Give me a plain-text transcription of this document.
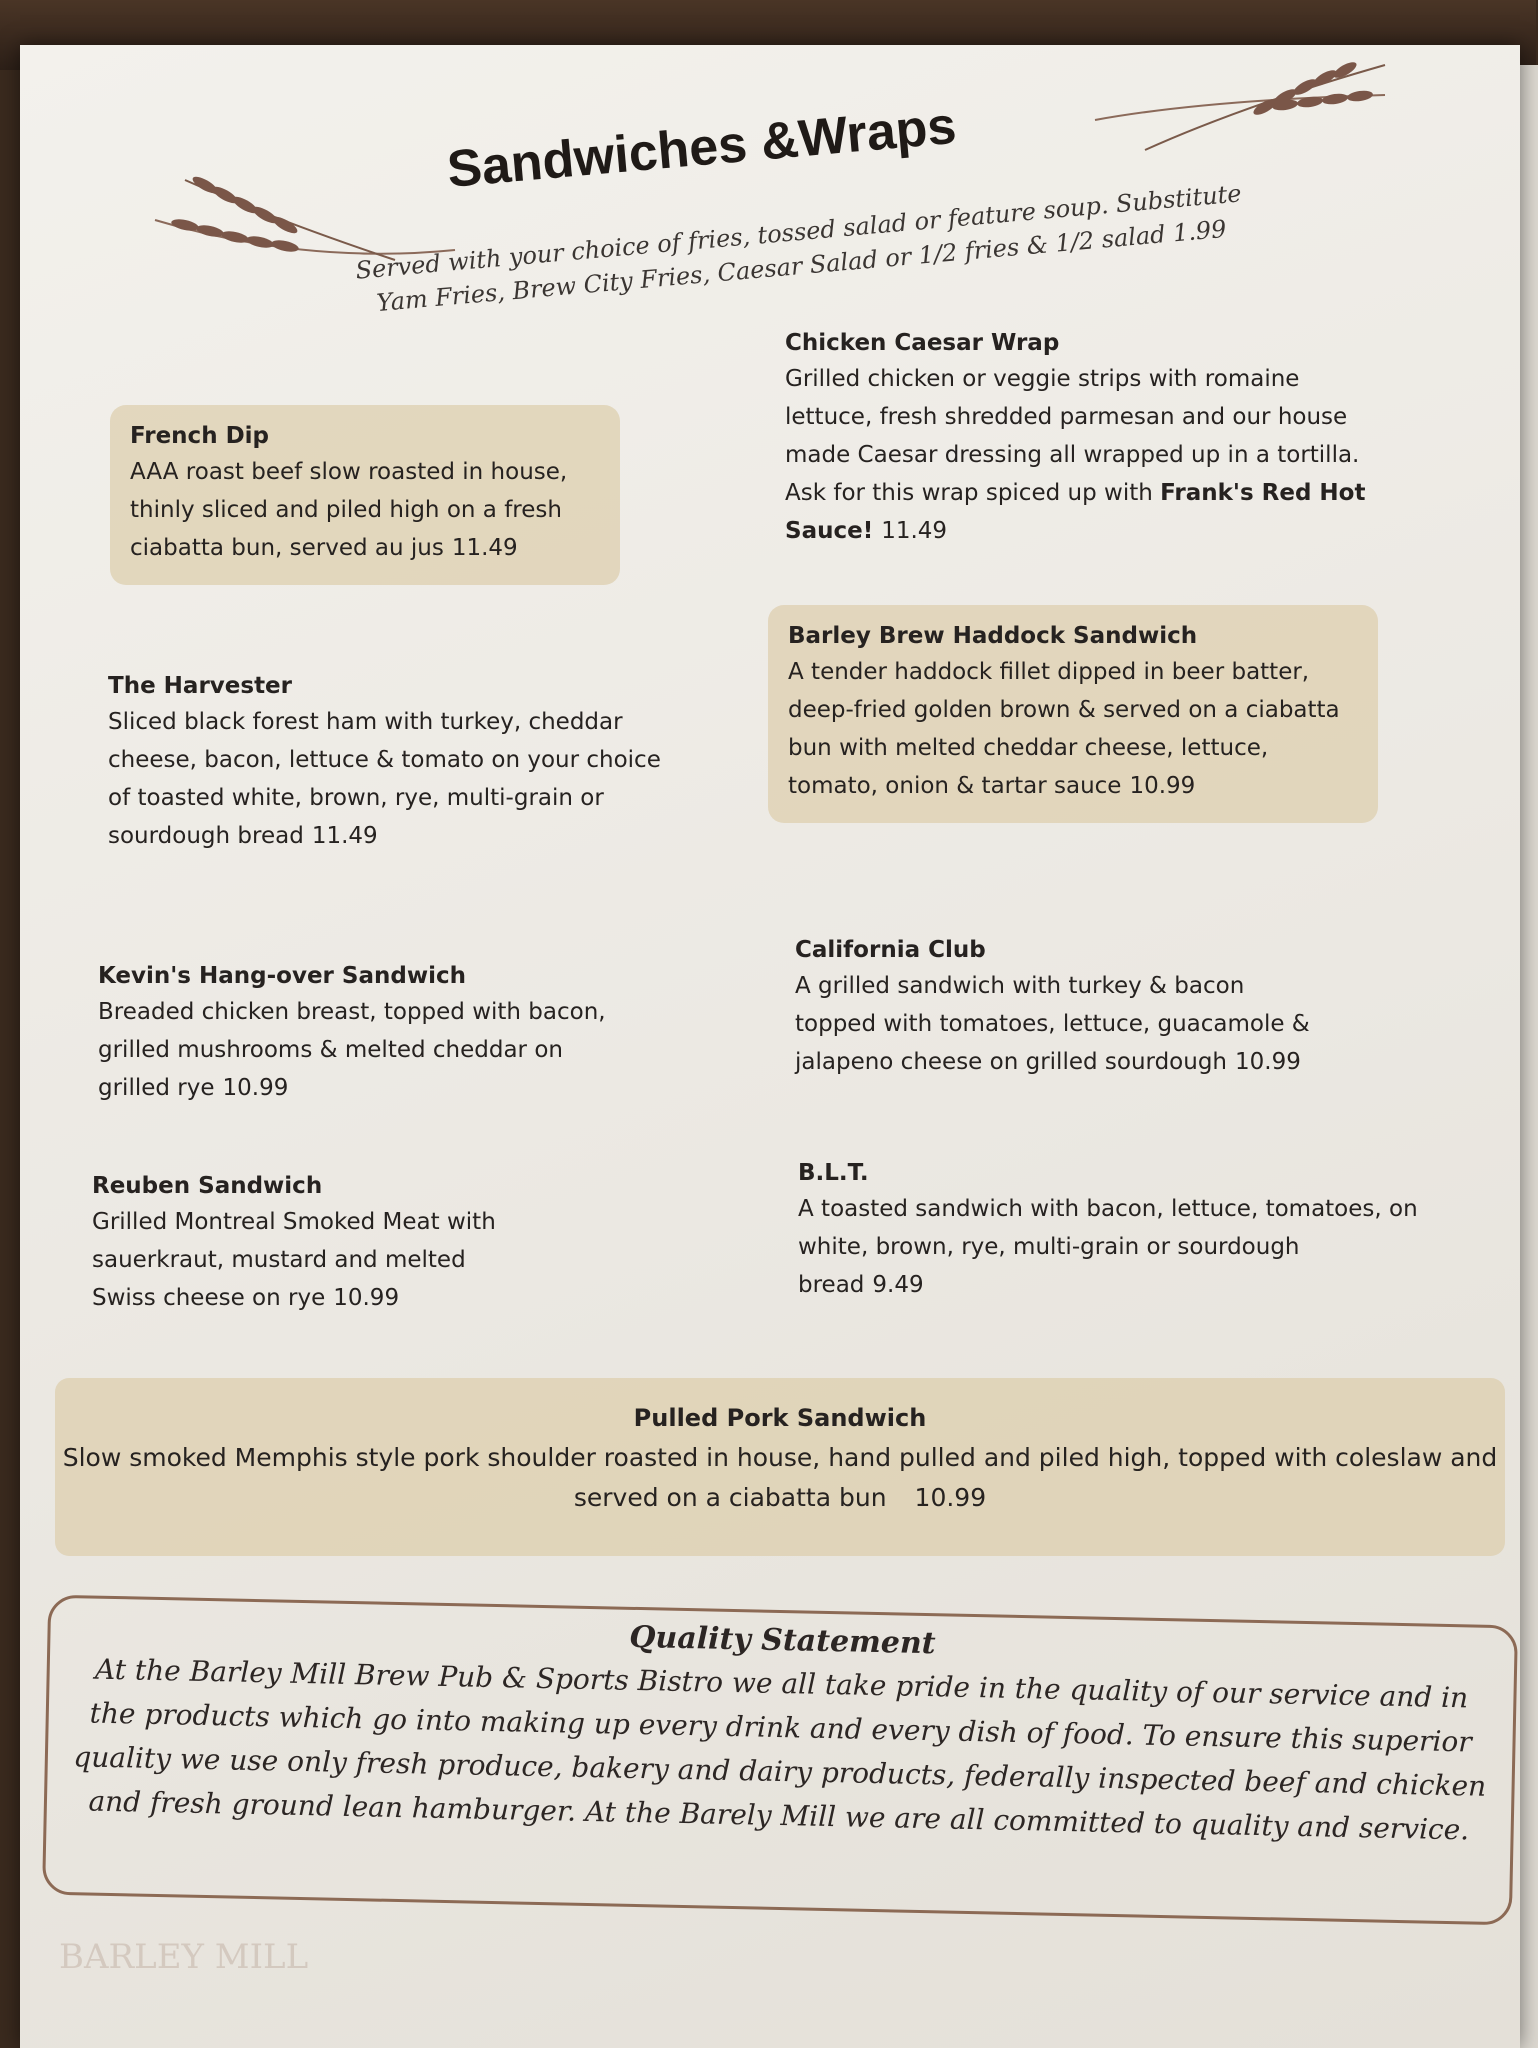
Sandwiches &Wraps

Served with your choice of fries, tossed salad or feature soup. Substitute Yam Fries, Brew City Fries, Caesar Salad or 1/2 fries & 1/2 salad 1.99

French Dip
AAA roast beef slow roasted in house, thinly sliced and piled high on a fresh ciabatta bun, served au jus 11.49
Chicken Caesar Wrap
Grilled chicken or veggie strips with romaine lettuce, fresh shredded parmesan and our house made Caesar dressing all wrapped up in a tortilla. Ask for this wrap spiced up with Frank's Red Hot Sauce! 11.49
The Harvester
Sliced black forest ham with turkey, cheddar cheese, bacon, lettuce & tomato on your choice of toasted white, brown, rye, multi-grain or sourdough bread 11.49
Barley Brew Haddock Sandwich
A tender haddock fillet dipped in beer batter, deep-fried golden brown & served on a ciabatta bun with melted cheddar cheese, lettuce, tomato, onion & tartar sauce 10.99
Kevin's Hang-over Sandwich
Breaded chicken breast, topped with bacon, grilled mushrooms & melted cheddar on grilled rye 10.99
California Club
A grilled sandwich with turkey & bacon topped with tomatoes, lettuce, guacamole & jalapeno cheese on grilled sourdough 10.99
Reuben Sandwich
Grilled Montreal Smoked Meat with sauerkraut, mustard and melted Swiss cheese on rye 10.99
B.L.T.
A toasted sandwich with bacon, lettuce, tomatoes, on white, brown, rye, multi-grain or sourdough bread 9.49
Pulled Pork Sandwich
Slow smoked Memphis style pork shoulder roasted in house, hand pulled and piled high, topped with coleslaw and served on a ciabatta bun 10.99
Quality Statement
At the Barley Mill Brew Pub & Sports Bistro we all take pride in the quality of our service and in the products which go into making up every drink and every dish of food. To ensure this superior quality we use only fresh produce, bakery and dairy products, federally inspected beef and chicken and fresh ground lean hamburger. At the Barely Mill we are all committed to quality and service.
BARLEY MILL
